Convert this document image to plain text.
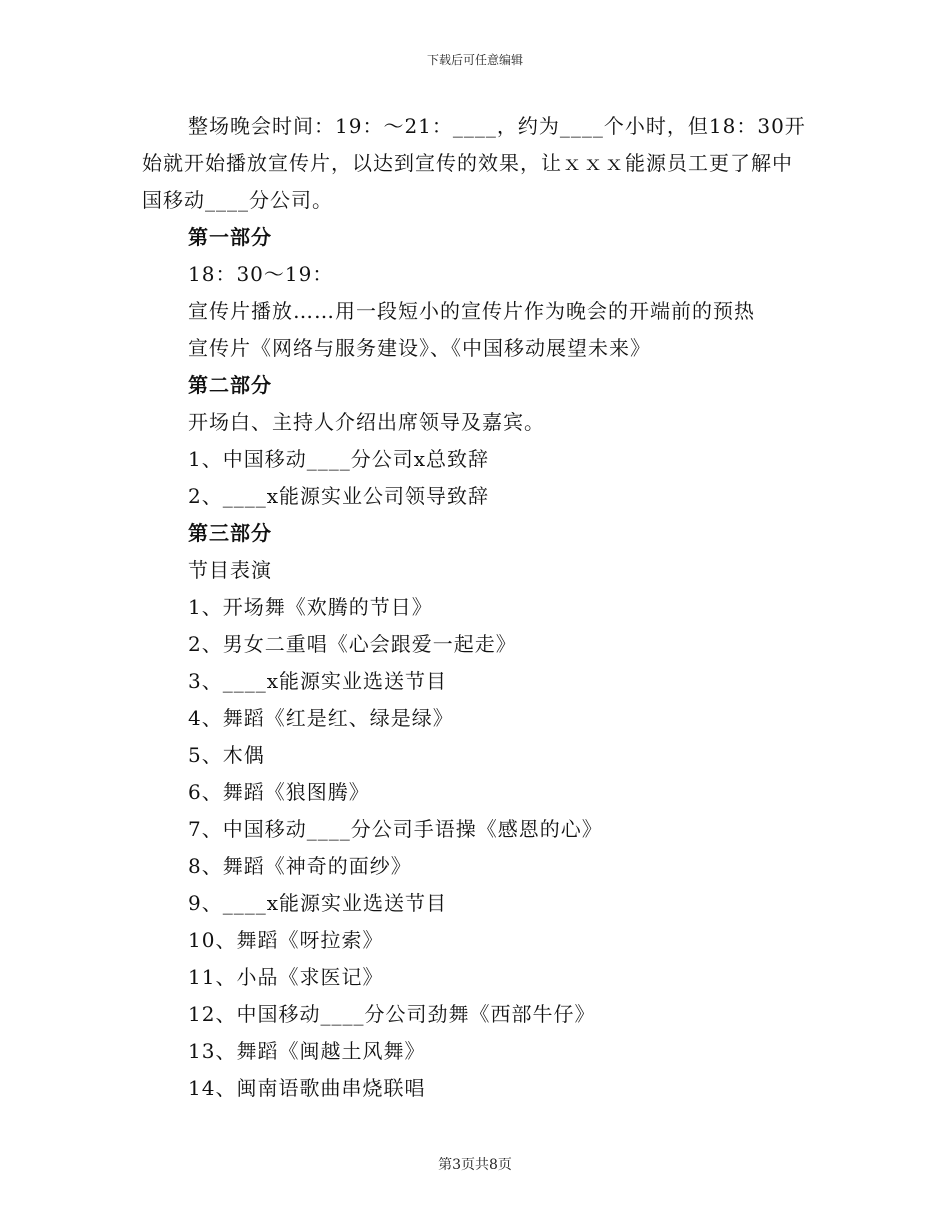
下载后可任意编辑

整场晚会时间：19：～21：____，约为____个小时，但18：30开始就开始播放宣传片，以达到宣传的效果，让ｘｘｘ能源员工更了解中国移动____分公司。

第一部分

18：30～19：

宣传片播放……用一段短小的宣传片作为晚会的开端前的预热

宣传片《网络与服务建设》、《中国移动展望未来》

第二部分

开场白、主持人介绍出席领导及嘉宾。

1、中国移动____分公司x总致辞

2、____x能源实业公司领导致辞

第三部分

节目表演

1、开场舞《欢腾的节日》

2、男女二重唱《心会跟爱一起走》

3、____x能源实业选送节目

4、舞蹈《红是红、绿是绿》

5、木偶

6、舞蹈《狼图腾》

7、中国移动____分公司手语操《感恩的心》

8、舞蹈《神奇的面纱》

9、____x能源实业选送节目

10、舞蹈《呀拉索》

11、小品《求医记》

12、中国移动____分公司劲舞《西部牛仔》

13、舞蹈《闽越土风舞》

14、闽南语歌曲串烧联唱

第3页共8页
